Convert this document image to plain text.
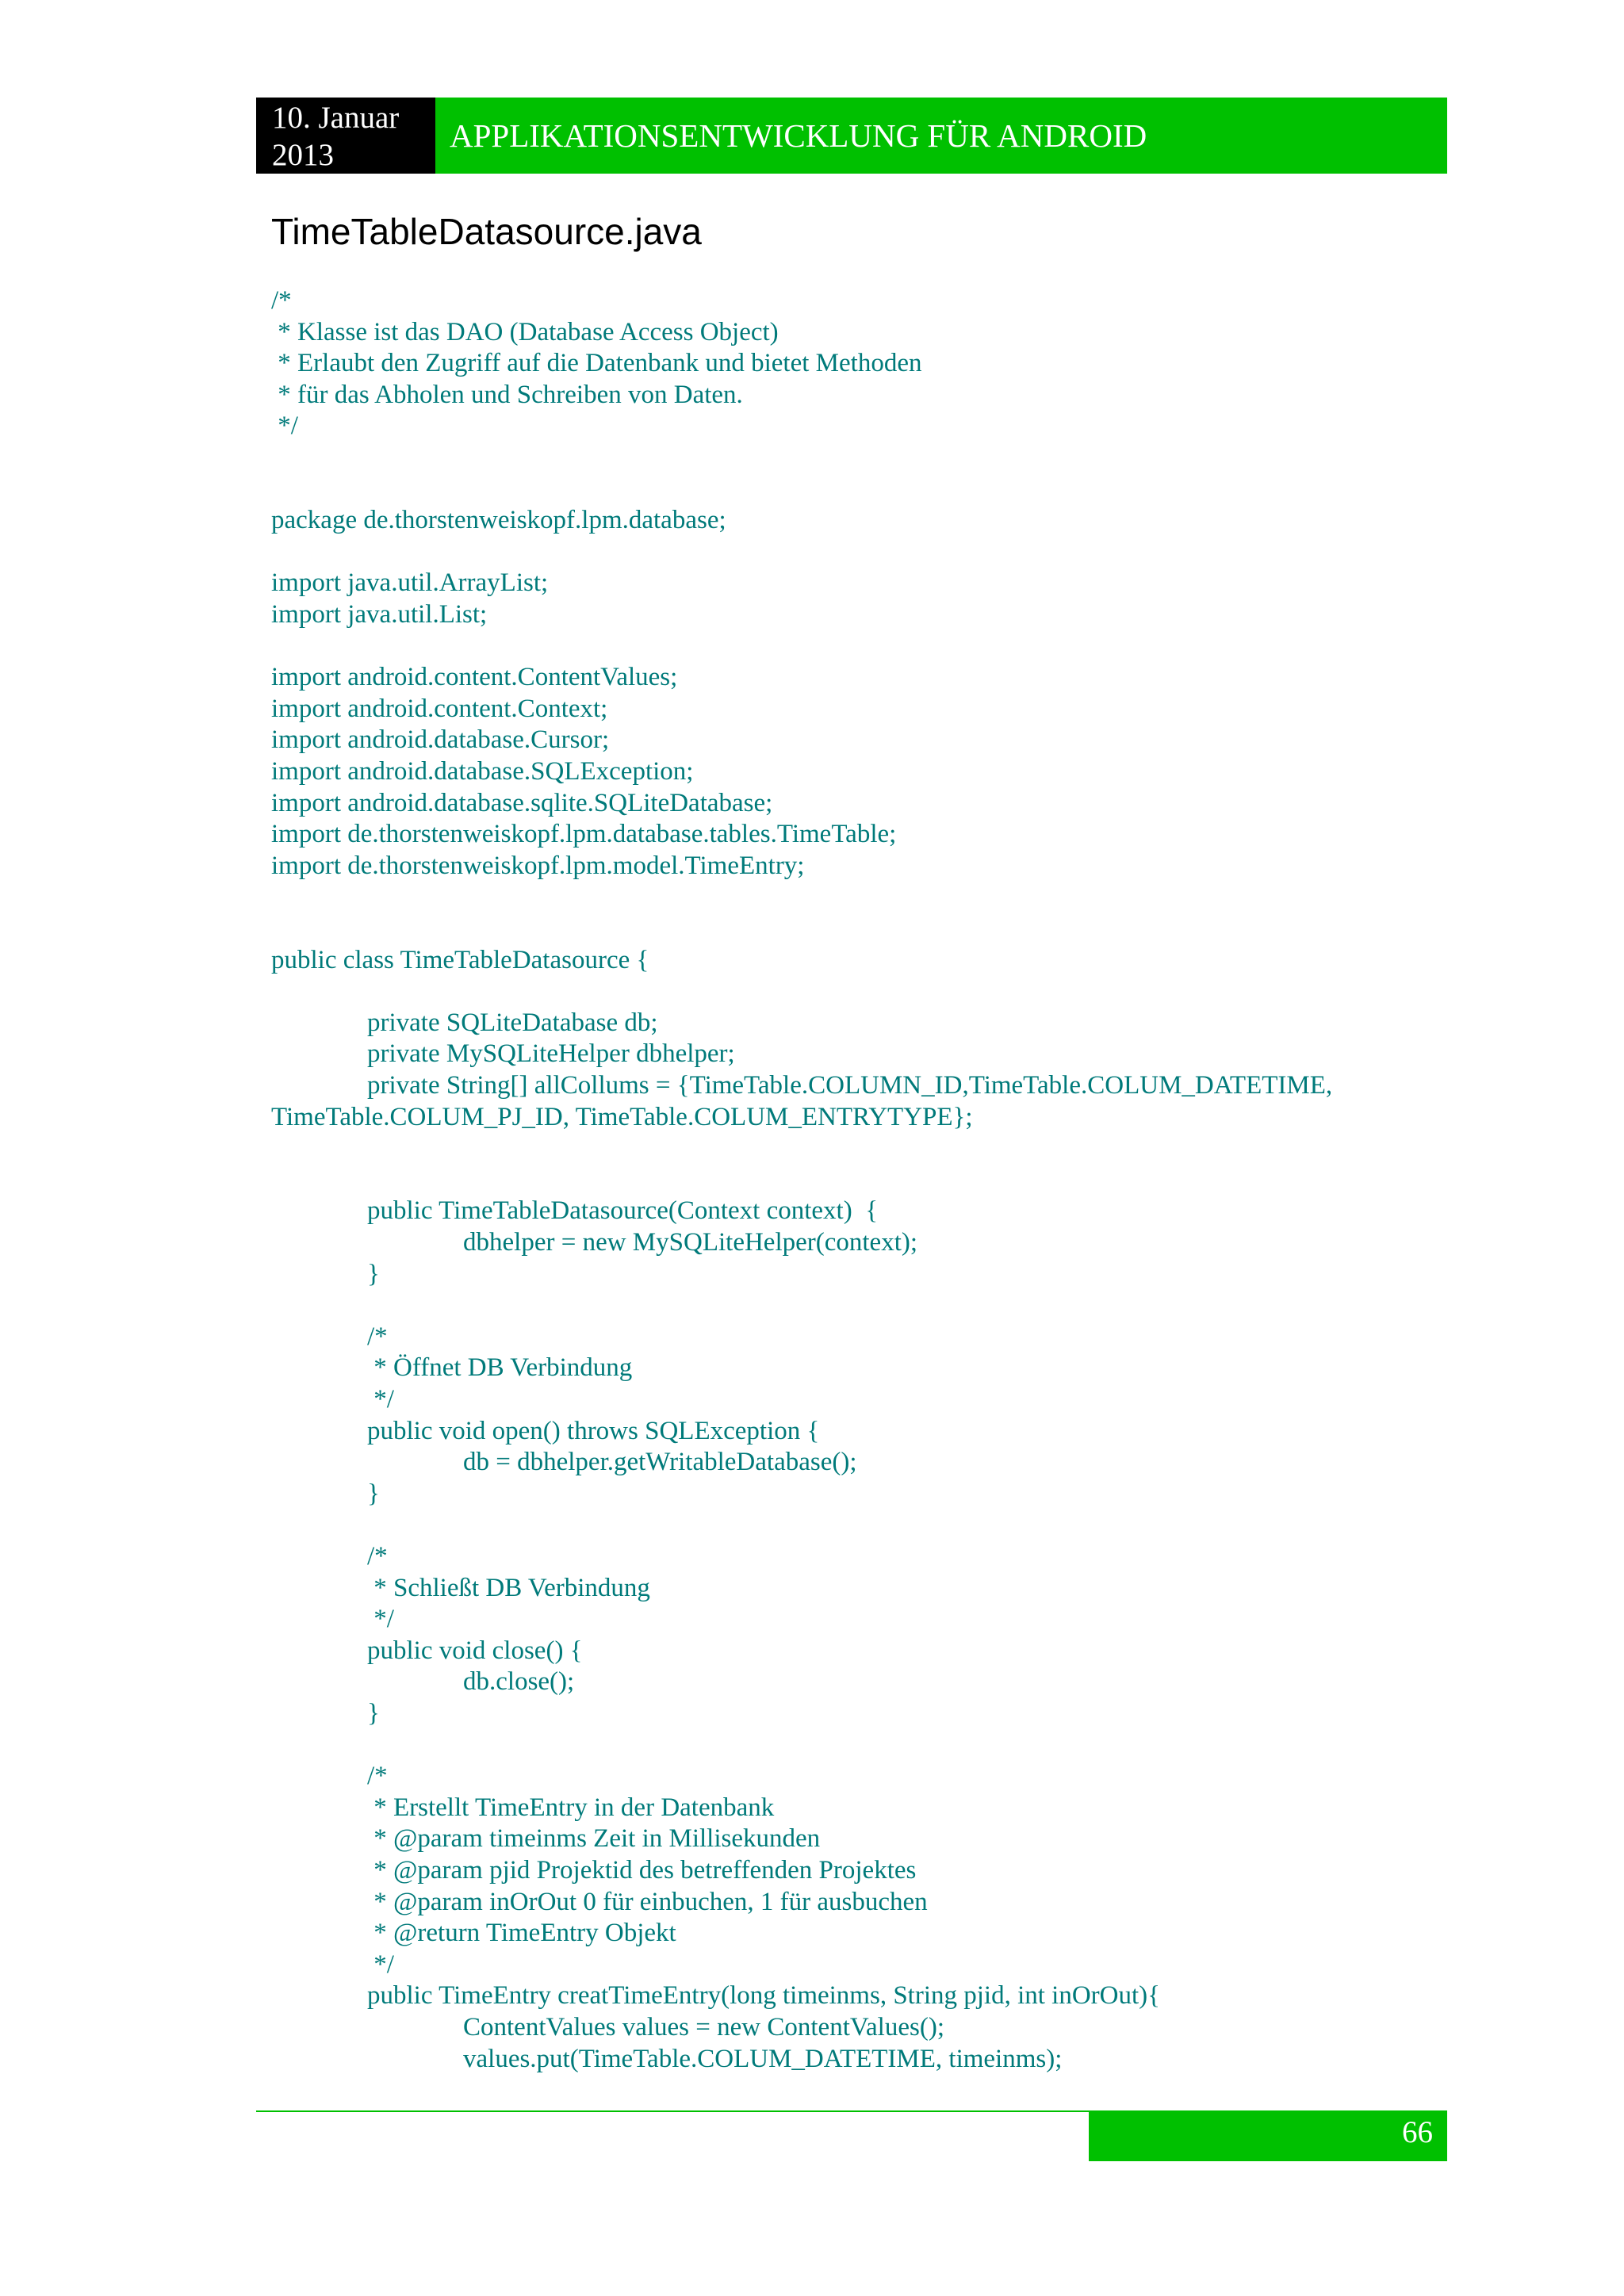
10. Januar
2013
APPLIKATIONSENTWICKLUNG FÜR ANDROID
TimeTableDatasource.java
/*
* Klasse ist das DAO (Database Access Object)
* Erlaubt den Zugriff auf die Datenbank und bietet Methoden
* für das Abholen und Schreiben von Daten.
*/
package de.thorstenweiskopf.lpm.database;
import java.util.ArrayList;
import java.util.List;
import android.content.ContentValues;
import android.content.Context;
import android.database.Cursor;
import android.database.SQLException;
import android.database.sqlite.SQLiteDatabase;
import de.thorstenweiskopf.lpm.database.tables.TimeTable;
import de.thorstenweiskopf.lpm.model.TimeEntry;
public class TimeTableDatasource {
private SQLiteDatabase db;
private MySQLiteHelper dbhelper;
private String[] allCollums = {TimeTable.COLUMN_ID,TimeTable.COLUM_DATETIME,
TimeTable.COLUM_PJ_ID, TimeTable.COLUM_ENTRYTYPE};
public TimeTableDatasource(Context context)  {
dbhelper = new MySQLiteHelper(context);
}
/*
* Öffnet DB Verbindung
*/
public void open() throws SQLException {
db = dbhelper.getWritableDatabase();
}
/*
* Schließt DB Verbindung
*/
public void close() {
db.close();
}
/*
* Erstellt TimeEntry in der Datenbank
* @param timeinms Zeit in Millisekunden
* @param pjid Projektid des betreffenden Projektes
* @param inOrOut 0 für einbuchen, 1 für ausbuchen
* @return TimeEntry Objekt
*/
public TimeEntry creatTimeEntry(long timeinms, String pjid, int inOrOut){
ContentValues values = new ContentValues();
values.put(TimeTable.COLUM_DATETIME, timeinms);
66
